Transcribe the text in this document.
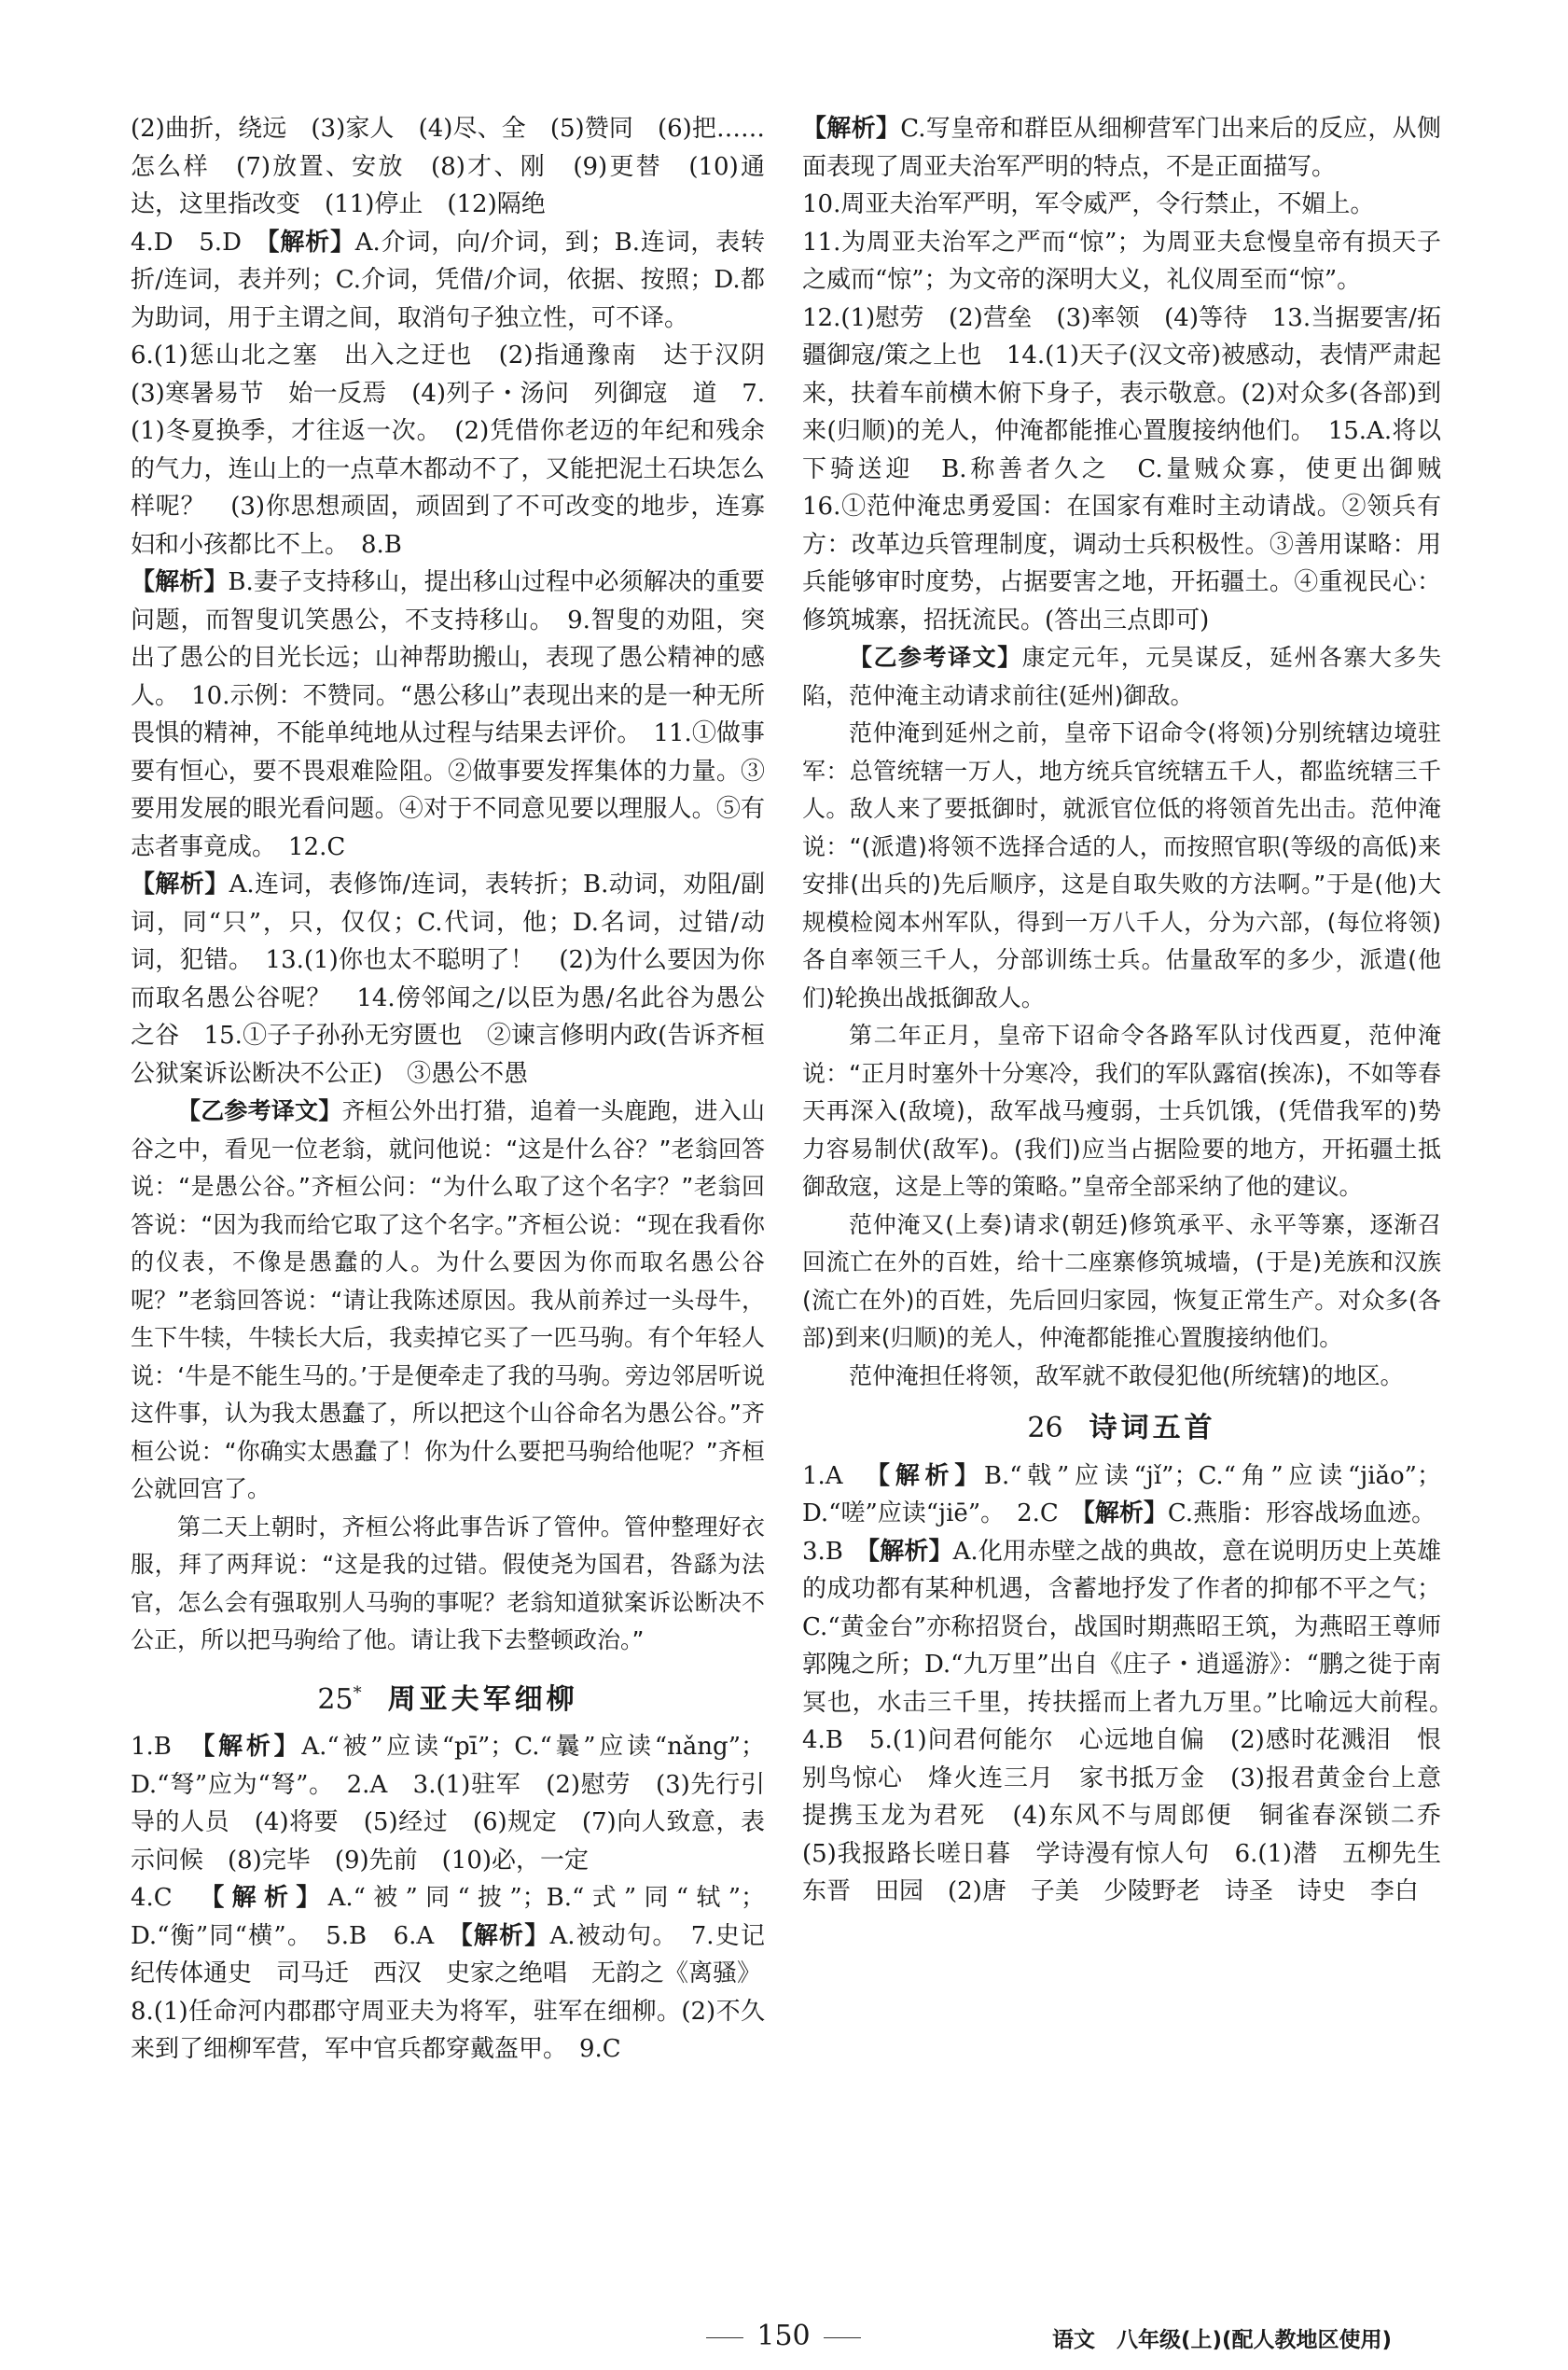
(2)曲折，绕远　(3)家人　(4)尽、全　(5)赞同　(6)把……怎么样　(7)放置、安放　(8)才、刚　(9)更替　(10)通达，这里指改变　(11)停止　(12)隔绝

4.D　5.D　【解析】A.介词，向/介词，到；B.连词，表转折/连词，表并列；C.介词，凭借/介词，依据、按照；D.都为助词，用于主谓之间，取消句子独立性，可不译。

6.(1)惩山北之塞　出入之迂也　(2)指通豫南　达于汉阴　(3)寒暑易节　始一反焉　(4)列子・汤问　列御寇　道　7.(1)冬夏换季，才往返一次。　(2)凭借你老迈的年纪和残余的气力，连山上的一点草木都动不了，又能把泥土石块怎么样呢？　(3)你思想顽固，顽固到了不可改变的地步，连寡妇和小孩都比不上。　8.B

【解析】B.妻子支持移山，提出移山过程中必须解决的重要问题，而智叟讥笑愚公，不支持移山。　9.智叟的劝阻，突出了愚公的目光长远；山神帮助搬山，表现了愚公精神的感人。　10.示例：不赞同。“愚公移山”表现出来的是一种无所畏惧的精神，不能单纯地从过程与结果去评价。　11.①做事要有恒心，要不畏艰难险阻。②做事要发挥集体的力量。③要用发展的眼光看问题。④对于不同意见要以理服人。⑤有志者事竟成。　12.C

【解析】A.连词，表修饰/连词，表转折；B.动词，劝阻/副词，同“只”，只，仅仅；C.代词，他；D.名词，过错/动词，犯错。　13.(1)你也太不聪明了！　(2)为什么要因为你而取名愚公谷呢？　14.傍邻闻之/以臣为愚/名此谷为愚公之谷　15.①子子孙孙无穷匮也　②谏言修明内政(告诉齐桓公狱案诉讼断决不公正)　③愚公不愚

【乙参考译文】齐桓公外出打猎，追着一头鹿跑，进入山谷之中，看见一位老翁，就问他说：“这是什么谷？”老翁回答说：“是愚公谷。”齐桓公问：“为什么取了这个名字？”老翁回答说：“因为我而给它取了这个名字。”齐桓公说：“现在我看你的仪表，不像是愚蠢的人。为什么要因为你而取名愚公谷呢？”老翁回答说：“请让我陈述原因。我从前养过一头母牛，生下牛犊，牛犊长大后，我卖掉它买了一匹马驹。有个年轻人说：‘牛是不能生马的。’于是便牵走了我的马驹。旁边邻居听说这件事，认为我太愚蠢了，所以把这个山谷命名为愚公谷。”齐桓公说：“你确实太愚蠢了！你为什么要把马驹给他呢？”齐桓公就回宫了。

第二天上朝时，齐桓公将此事告诉了管仲。管仲整理好衣服，拜了两拜说：“这是我的过错。假使尧为国君，咎繇为法官，怎么会有强取别人马驹的事呢？老翁知道狱案诉讼断决不公正，所以把马驹给了他。请让我下去整顿政治。”

25* 周亚夫军细柳

1.B　【解析】A.“被”应读“pī”；C.“曩”应读“nǎng”；D.“弩”应为“弩”。　2.A　3.(1)驻军　(2)慰劳　(3)先行引导的人员　(4)将要　(5)经过　(6)规定　(7)向人致意，表示问候　(8)完毕　(9)先前　(10)必，一定

4.C　【解析】A.“被”同“披”；B.“式”同“轼”；D.“衡”同“横”。　5.B　6.A　【解析】A.被动句。　7.史记　纪传体通史　司马迁　西汉　史家之绝唱　无韵之《离骚》

8.(1)任命河内郡郡守周亚夫为将军，驻军在细柳。(2)不久来到了细柳军营，军中官兵都穿戴盔甲。　9.C

【解析】C.写皇帝和群臣从细柳营军门出来后的反应，从侧面表现了周亚夫治军严明的特点，不是正面描写。

10.周亚夫治军严明，军令威严，令行禁止，不媚上。

11.为周亚夫治军之严而“惊”；为周亚夫怠慢皇帝有损天子之威而“惊”；为文帝的深明大义，礼仪周至而“惊”。

12.(1)慰劳　(2)营垒　(3)率领　(4)等待　13.当据要害/拓疆御寇/策之上也　14.(1)天子(汉文帝)被感动，表情严肃起来，扶着车前横木俯下身子，表示敬意。(2)对众多(各部)到来(归顺)的羌人，仲淹都能推心置腹接纳他们。　15.A.将以下骑送迎　B.称善者久之　C.量贼众寡，使更出御贼　16.①范仲淹忠勇爱国：在国家有难时主动请战。②领兵有方：改革边兵管理制度，调动士兵积极性。③善用谋略：用兵能够审时度势，占据要害之地，开拓疆土。④重视民心：修筑城寨，招抚流民。(答出三点即可)

【乙参考译文】康定元年，元昊谋反，延州各寨大多失陷，范仲淹主动请求前往(延州)御敌。

范仲淹到延州之前，皇帝下诏命令(将领)分别统辖边境驻军：总管统辖一万人，地方统兵官统辖五千人，都监统辖三千人。敌人来了要抵御时，就派官位低的将领首先出击。范仲淹说：“(派遣)将领不选择合适的人，而按照官职(等级的高低)来安排(出兵的)先后顺序，这是自取失败的方法啊。”于是(他)大规模检阅本州军队，得到一万八千人，分为六部，(每位将领)各自率领三千人，分部训练士兵。估量敌军的多少，派遣(他们)轮换出战抵御敌人。

第二年正月，皇帝下诏命令各路军队讨伐西夏，范仲淹说：“正月时塞外十分寒冷，我们的军队露宿(挨冻)，不如等春天再深入(敌境)，敌军战马瘦弱，士兵饥饿，(凭借我军的)势力容易制伏(敌军)。(我们)应当占据险要的地方，开拓疆土抵御敌寇，这是上等的策略。”皇帝全部采纳了他的建议。

范仲淹又(上奏)请求(朝廷)修筑承平、永平等寨，逐渐召回流亡在外的百姓，给十二座寨修筑城墙，(于是)羌族和汉族(流亡在外)的百姓，先后回归家园，恢复正常生产。对众多(各部)到来(归顺)的羌人，仲淹都能推心置腹接纳他们。

范仲淹担任将领，敌军就不敢侵犯他(所统辖)的地区。

26 诗词五首

1.A　【解析】B.“戟”应读“jǐ”；C.“角”应读“jiǎo”；D.“嗟”应读“jiē”。　2.C　【解析】C.燕脂：形容战场血迹。

3.B　【解析】A.化用赤壁之战的典故，意在说明历史上英雄的成功都有某种机遇，含蓄地抒发了作者的抑郁不平之气；C.“黄金台”亦称招贤台，战国时期燕昭王筑，为燕昭王尊师郭隗之所；D.“九万里”出自《庄子・逍遥游》：“鹏之徙于南冥也，水击三千里，抟扶摇而上者九万里。”比喻远大前程。　4.B　5.(1)问君何能尔　心远地自偏　(2)感时花溅泪　恨别鸟惊心　烽火连三月　家书抵万金　(3)报君黄金台上意　提携玉龙为君死　(4)东风不与周郎便　铜雀春深锁二乔　(5)我报路长嗟日暮　学诗漫有惊人句　6.(1)潜　五柳先生　东晋　田园　(2)唐　子美　少陵野老　诗圣　诗史　李白

150	语文　八年级(上)(配人教地区使用)
